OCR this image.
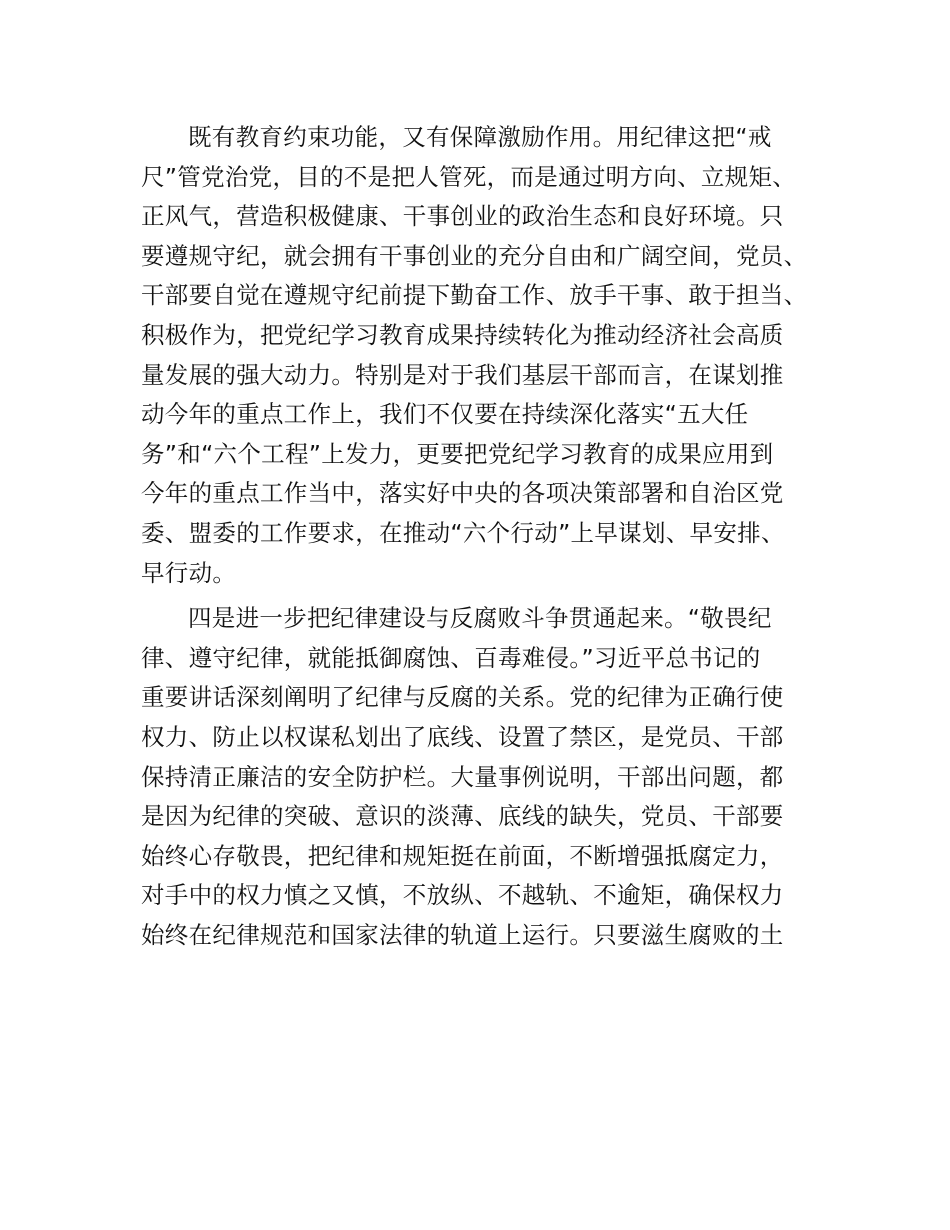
既有教育约束功能，又有保障激励作用。用纪律这把“戒
尺”管党治党，目的不是把人管死，而是通过明方向、立规矩、
正风气，营造积极健康、干事创业的政治生态和良好环境。只
要遵规守纪，就会拥有干事创业的充分自由和广阔空间，党员、
干部要自觉在遵规守纪前提下勤奋工作、放手干事、敢于担当、
积极作为，把党纪学习教育成果持续转化为推动经济社会高质
量发展的强大动力。特别是对于我们基层干部而言，在谋划推
动今年的重点工作上，我们不仅要在持续深化落实“五大任
务”和“六个工程”上发力，更要把党纪学习教育的成果应用到
今年的重点工作当中，落实好中央的各项决策部署和自治区党
委、盟委的工作要求，在推动“六个行动”上早谋划、早安排、
早行动。
四是进一步把纪律建设与反腐败斗争贯通起来。“敬畏纪
律、遵守纪律，就能抵御腐蚀、百毒难侵。”习近平总书记的
重要讲话深刻阐明了纪律与反腐的关系。党的纪律为正确行使
权力、防止以权谋私划出了底线、设置了禁区，是党员、干部
保持清正廉洁的安全防护栏。大量事例说明，干部出问题，都
是因为纪律的突破、意识的淡薄、底线的缺失，党员、干部要
始终心存敬畏，把纪律和规矩挺在前面，不断增强抵腐定力，
对手中的权力慎之又慎，不放纵、不越轨、不逾矩，确保权力
始终在纪律规范和国家法律的轨道上运行。只要滋生腐败的土
